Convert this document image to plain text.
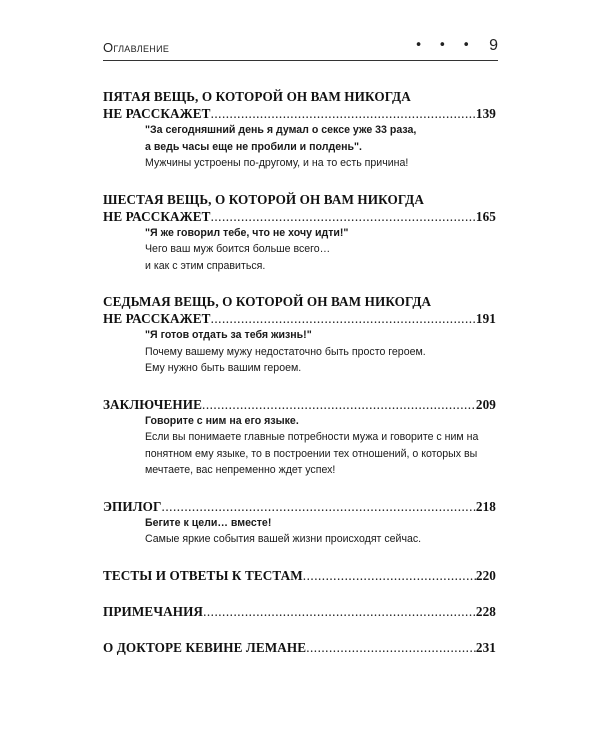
Оглавление	• • • 9
ПЯТАЯ ВЕЩЬ, О КОТОРОЙ ОН ВАМ НИКОГДА
НЕ РАССКАЖЕТ .....	139
"За сегодняшний день я думал о сексе уже 33 раза,
а ведь часы еще не пробили и полдень".
Мужчины устроены по-другому, и на то есть причина!
ШЕСТАЯ ВЕЩЬ, О КОТОРОЙ ОН ВАМ НИКОГДА
НЕ РАССКАЖЕТ .....	165
"Я же говорил тебе, что не хочу идти!"
Чего ваш муж боится больше всего…
и как с этим справиться.
СЕДЬМАЯ ВЕЩЬ, О КОТОРОЙ ОН ВАМ НИКОГДА
НЕ РАССКАЖЕТ .....	191
"Я готов отдать за тебя жизнь!"
Почему вашему мужу недостаточно быть просто героем.
Ему нужно быть вашим героем.
ЗАКЛЮЧЕНИЕ .....	209
Говорите с ним на его языке.
Если вы понимаете главные потребности мужа и говорите с ним на
понятном ему языке, то в построении тех отношений, о которых вы
мечтаете, вас непременно ждет успех!
ЭПИЛОГ .....	218
Бегите к цели… вместе!
Самые яркие события вашей жизни происходят сейчас.
ТЕСТЫ И ОТВЕТЫ К ТЕСТАМ .....	220
ПРИМЕЧАНИЯ .....	228
О ДОКТОРЕ КЕВИНЕ ЛЕМАНЕ .....	231
